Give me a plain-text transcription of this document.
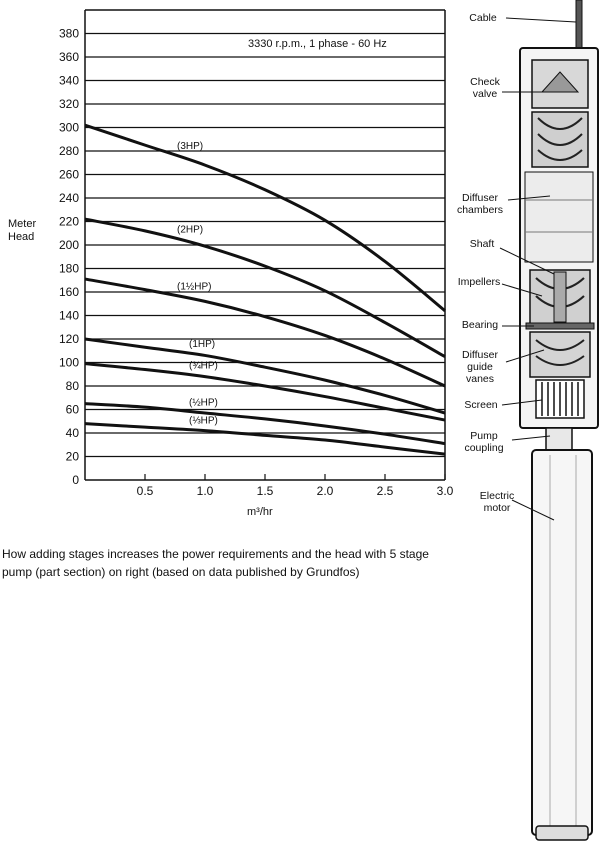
0
20
40
60
80
100
120
140
160
180
200
220
240
260
280
300
320
340
360
380
0.5	1.0	1.5	2.0	2.5	3.0
(3HP)
(2HP)
(1½HP)
(1HP)
(¾HP)
(½HP)
(⅓HP)
Meter
Head
m³/hr
3330 r.p.m., 1 phase - 60 Hz
How adding stages increases the power requirements and the head with 5 stage pump (part section) on right (based on data published by Grundfos)
Cable
Check valve
Diffuser chambers
Shaft
Impellers
Bearing
Diffuser guide vanes
Screen
Pump coupling
Electric motor
